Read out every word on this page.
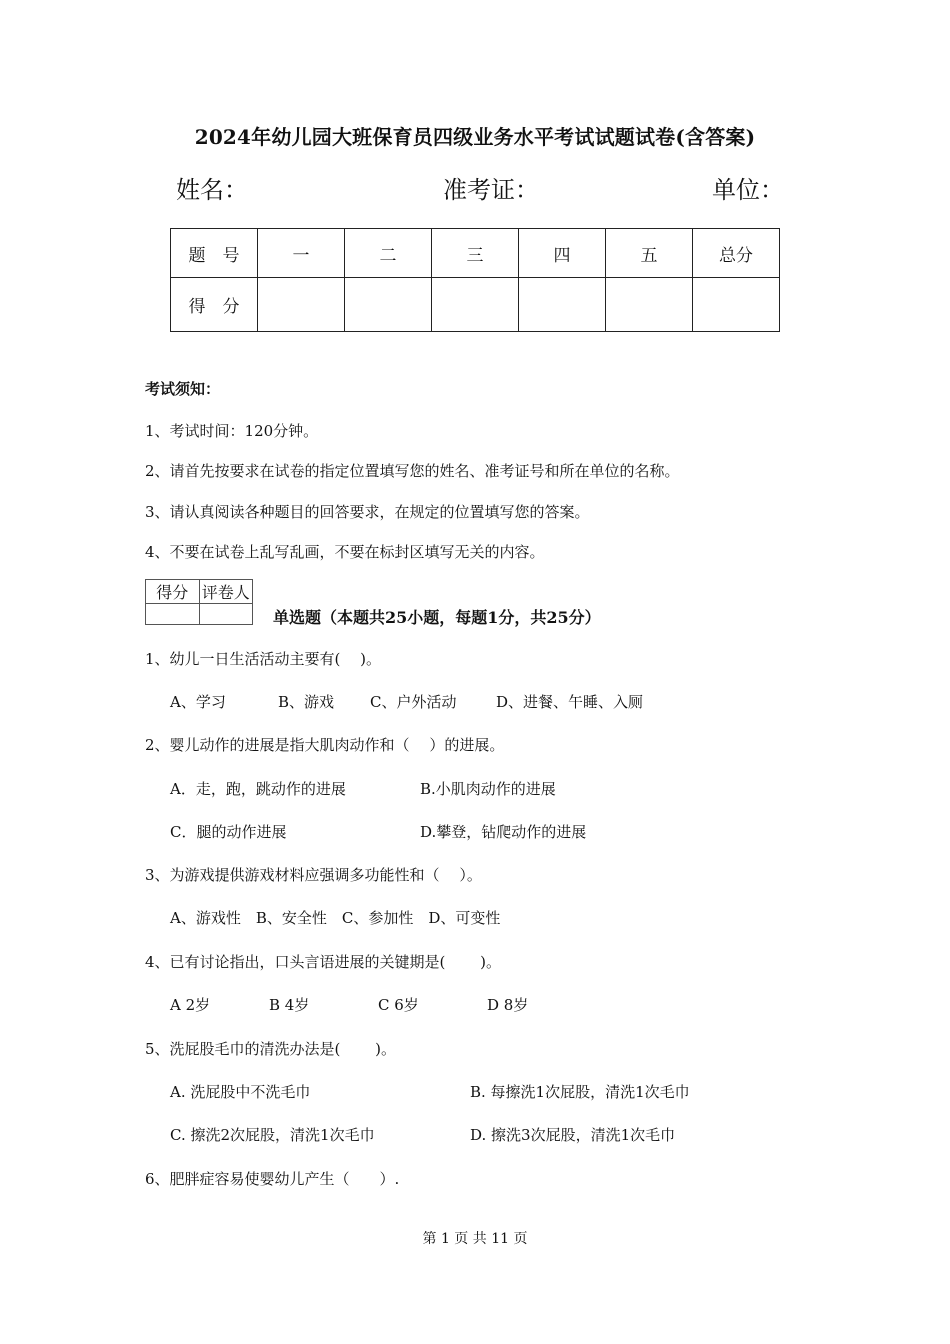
2024年幼儿园大班保育员四级业务水平考试试题试卷(含答案)
姓名：	准考证：	单位：
题　号	一	二	三	四	五	总分
得　分						
考试须知：
1、考试时间：120分钟。
2、请首先按要求在试卷的指定位置填写您的姓名、准考证号和所在单位的名称。
3、请认真阅读各种题目的回答要求，在规定的位置填写您的答案。
4、不要在试卷上乱写乱画，不要在标封区填写无关的内容。
得分	评卷人

单选题（本题共25小题，每题1分，共25分）
1、幼儿一日生活活动主要有(　 )。
A、学习	B、游戏 C、户外活动	D、进餐、午睡、入厕
2、婴儿动作的进展是指大肌肉动作和（　 ）的进展。
A．走，跑，跳动作的进展	B.小肌肉动作的进展
C．腿的动作进展	D.攀登，钻爬动作的进展
3、为游戏提供游戏材料应强调多功能性和（　 ）。
A、游戏性　B、安全性　C、参加性　D、可变性
4、已有讨论指出，口头言语进展的关键期是(　　 )。
A 2岁	B 4岁	C 6岁	D 8岁
5、洗屁股毛巾的清洗办法是(　　 )。
A. 洗屁股中不洗毛巾	B. 每擦洗1次屁股，清洗1次毛巾
C. 擦洗2次屁股，清洗1次毛巾	D. 擦洗3次屁股，清洗1次毛巾
6、肥胖症容易使婴幼儿产生（　　）.
第 1 页 共 11 页
